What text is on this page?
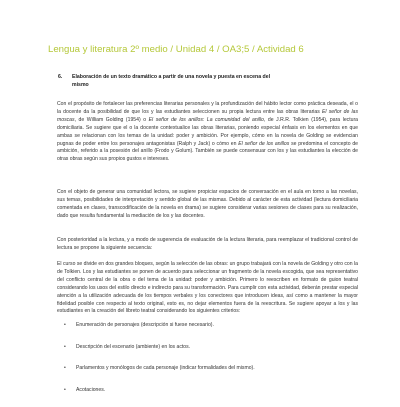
Lengua y literatura 2º medio / Unidad 4 / OA3;5 / Actividad 6
6. Elaboración de un texto dramático a partir de una novela y puesta en escena del
mismo
Con el propósito de fortalecer las preferencias literarias personales y la profundización del hábito lector como práctica deseada, el o la docente da la posibilidad de que los y las estudiantes seleccionen su propia lectura entre las obras literarias El señor de las moscas, de William Golding (1954) o El señor de los anillos: La comunidad del anillo, de J.R.R. Tolkien (1954), para lectura domiciliaria. Se sugiere que el o la docente contextualice las obras literarias, poniendo especial énfasis en los elementos en que ambas se relacionan con los temas de la unidad: poder y ambición. Por ejemplo, cómo en la novela de Golding se evidencian pugnas de poder entre los personajes antagonistas (Ralph y Jack) o cómo en El señor de los anillos se predomina el concepto de ambición, referido a la posesión del anillo (Frodo y Golum). También se puede consensuar con los y las estudiantes la elección de otras obras según sus propios gustos e intereses.
Con el objeto de generar una comunidad lectora, se sugiere propiciar espacios de conversación en el aula en torno a las novelas, sus temas, posibilidades de interpretación y sentido global de las mismas. Debido al carácter de esta actividad (lectura domiciliaria comentada en clases, transcodificación de la novela en drama) se sugiere considerar varias sesiones de clases para su realización, dado que resulta fundamental la mediación de los y las docentes.
Con posterioridad a la lectura, y a modo de sugerencia de evaluación de la lectura literaria, para reemplazar el tradicional control de lectura se propone la siguiente secuencia:
El curso se divide en dos grandes bloques, según la selección de las obras: un grupo trabajará con la novela de Golding y otro con la de Tolkien. Los y las estudiantes se ponen de acuerdo para seleccionar un fragmento de la novela escogida, que sea representativo del conflicto central de la obra o del tema de la unidad: poder y ambición. Primero lo reescriben en formato de guion teatral considerando los usos del estilo directo e indirecto para su transformación. Para cumplir con esta actividad, deberán prestar especial atención a la utilización adecuada de los tiempos verbales y los conectores que introducen ideas, así como a mantener la mayor fidelidad posible con respecto al texto original, esto es, no dejar elementos fuera de la reescritura. Se sugiere apoyar a los y las estudiantes en la creación del libreto teatral considerando los siguientes criterios:
• Enumeración de personajes (descripción si fuese necesario).
• Descripción del escenario (ambiente) en los actos.
• Parlamentos y monólogos de cada personaje (indicar formalidades del mismo).
• Acotaciones.
